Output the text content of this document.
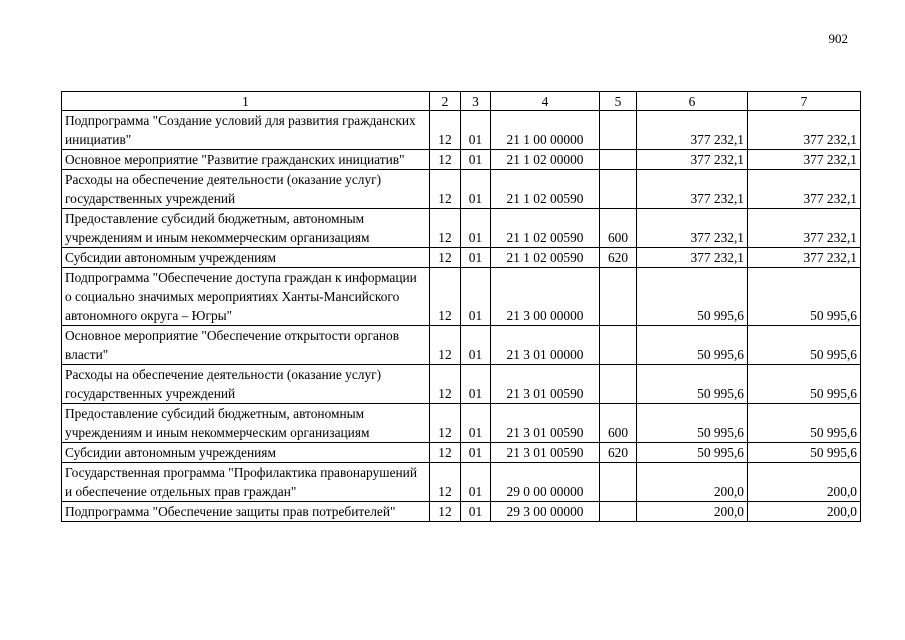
902
1	2	3	4	5	6	7
Подпрограмма "Создание условий для развития гражданских инициатив"	12	01	21 1 00 00000		377 232,1	377 232,1
Основное мероприятие "Развитие гражданских инициатив"	12	01	21 1 02 00000		377 232,1	377 232,1
Расходы на обеспечение деятельности (оказание услуг) государственных учреждений	12	01	21 1 02 00590		377 232,1	377 232,1
Предоставление субсидий бюджетным, автономным учреждениям и иным некоммерческим организациям	12	01	21 1 02 00590	600	377 232,1	377 232,1
Субсидии автономным учреждениям	12	01	21 1 02 00590	620	377 232,1	377 232,1
Подпрограмма "Обеспечение доступа граждан к информации о социально значимых мероприятиях Ханты-Мансийского автономного округа – Югры"	12	01	21 3 00 00000		50 995,6	50 995,6
Основное мероприятие "Обеспечение открытости органов власти"	12	01	21 3 01 00000		50 995,6	50 995,6
Расходы на обеспечение деятельности (оказание услуг) государственных учреждений	12	01	21 3 01 00590		50 995,6	50 995,6
Предоставление субсидий бюджетным, автономным учреждениям и иным некоммерческим организациям	12	01	21 3 01 00590	600	50 995,6	50 995,6
Субсидии автономным учреждениям	12	01	21 3 01 00590	620	50 995,6	50 995,6
Государственная программа "Профилактика правонарушений и обеспечение отдельных прав граждан"	12	01	29 0 00 00000		200,0	200,0
Подпрограмма "Обеспечение защиты прав потребителей"	12	01	29 3 00 00000		200,0	200,0
